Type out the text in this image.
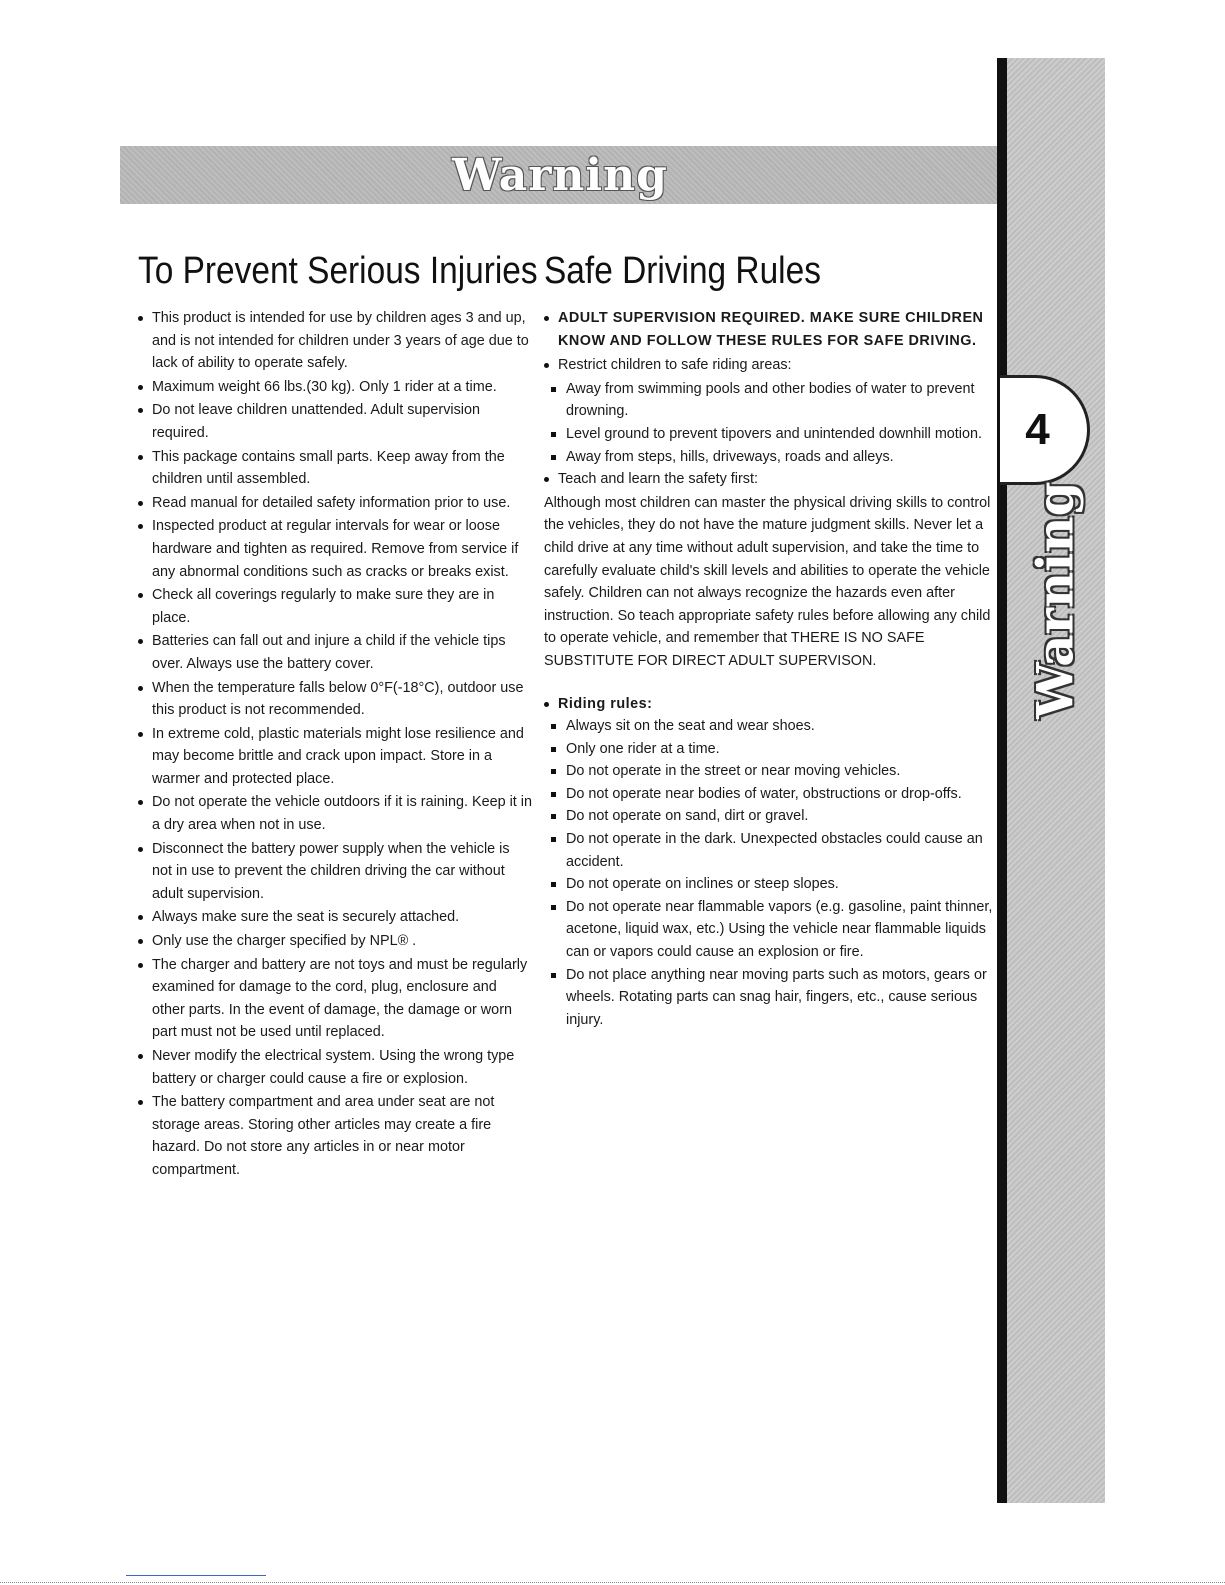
Warning
4
Warning
To Prevent Serious Injuries
This product is intended for use by children ages 3 and up, and is not intended for children under 3 years of age due to lack of ability to operate safely.
Maximum weight 66 lbs.(30 kg). Only 1 rider at a time.
Do not leave children unattended. Adult supervision required.
This package contains small parts. Keep away from the children until assembled.
Read manual for detailed safety information prior to use.
Inspected product at regular intervals for wear or loose hardware and tighten as required. Remove from service if any abnormal conditions such as cracks or breaks exist.
Check all coverings regularly to make sure they are in place.
Batteries can fall out and injure a child if the vehicle tips over. Always use the battery cover.
When the temperature falls below 0°F(-18°C), outdoor use this product is not recommended.
In extreme cold, plastic materials might lose resilience and may become brittle and crack upon impact. Store in a warmer and protected place.
Do not operate the vehicle outdoors if it is raining. Keep it in a dry area when not in use.
Disconnect the battery power supply when the vehicle is not in use to prevent the children driving the car without adult supervision.
Always make sure the seat is securely attached.
Only use the charger specified by NPL® .
The charger and battery are not toys and must be regularly examined for damage to the cord, plug, enclosure and other parts. In the event of damage, the damage or worn part must not be used until replaced.
Never modify the electrical system. Using the wrong type battery or charger could cause a fire or explosion.
The battery compartment and area under seat are not storage areas. Storing other articles may create a fire hazard. Do not store any articles in or near motor compartment.
Safe Driving Rules
ADULT SUPERVISION REQUIRED. MAKE SURE CHILDREN KNOW AND FOLLOW THESE RULES FOR SAFE DRIVING.
Restrict children to safe riding areas:
Away from swimming pools and other bodies of water to prevent drowning.
Level ground to prevent tipovers and unintended downhill motion.
Away from steps, hills, driveways, roads and alleys.
Teach and learn the safety first:
Although most children can master the physical driving skills to control the vehicles, they do not have the mature judgment skills. Never let a child drive at any time without adult supervision, and take the time to carefully evaluate child's skill levels and abilities to operate the vehicle safely. Children can not always recognize the hazards even after instruction. So teach appropriate safety rules before allowing any child to operate vehicle, and remember that THERE IS NO SAFE SUBSTITUTE FOR DIRECT ADULT SUPERVISON.
Riding rules:
Always sit on the seat and wear shoes.
Only one rider at a time.
Do not operate in the street or near moving vehicles.
Do not operate near bodies of water, obstructions or drop-offs.
Do not operate on sand, dirt or gravel.
Do not operate in the dark. Unexpected obstacles could cause an accident.
Do not operate on inclines or steep slopes.
Do not operate near flammable vapors (e.g. gasoline, paint thinner, acetone, liquid wax, etc.) Using the vehicle near flammable liquids can or vapors could cause an explosion or fire.
Do not place anything near moving parts such as motors, gears or wheels. Rotating parts can snag hair, fingers, etc., cause serious injury.
